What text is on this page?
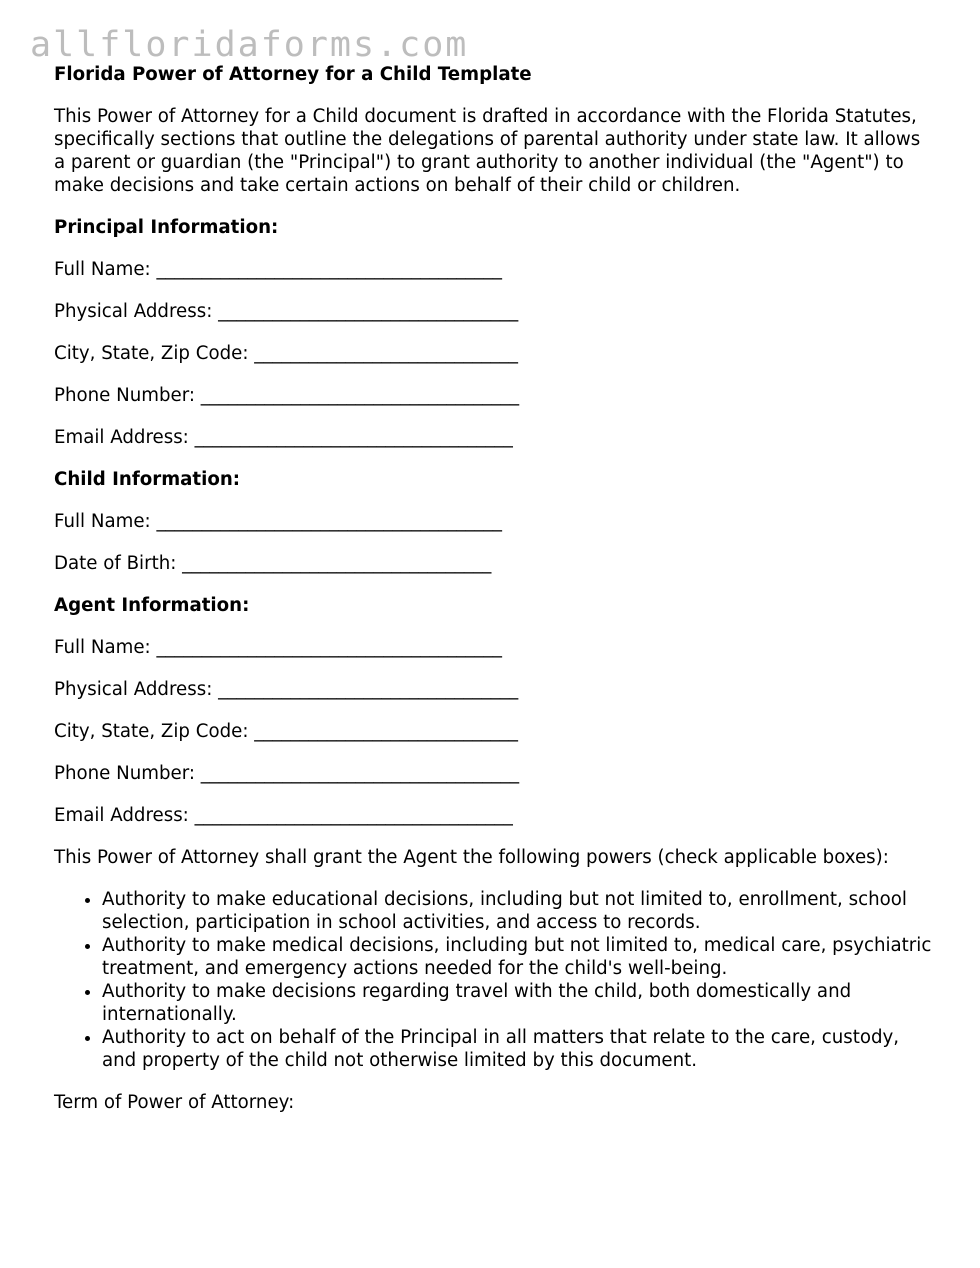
allfloridaforms.com

Florida Power of Attorney for a Child Template

This Power of Attorney for a Child document is drafted in accordance with the Florida Statutes, specifically sections that outline the delegations of parental authority under state law. It allows a parent or guardian (the "Principal") to grant authority to another individual (the "Agent") to make decisions and take certain actions on behalf of their child or children.

Principal Information:

Full Name: ______________________________________

Physical Address: _________________________________

City, State, Zip Code: _____________________________

Phone Number: ___________________________________

Email Address: ___________________________________

Child Information:

Full Name: ______________________________________

Date of Birth: __________________________________

Agent Information:

Full Name: ______________________________________

Physical Address: _________________________________

City, State, Zip Code: _____________________________

Phone Number: ___________________________________

Email Address: ___________________________________

This Power of Attorney shall grant the Agent the following powers (check applicable boxes):

• Authority to make educational decisions, including but not limited to, enrollment, school selection, participation in school activities, and access to records.
• Authority to make medical decisions, including but not limited to, medical care, psychiatric treatment, and emergency actions needed for the child's well-being.
• Authority to make decisions regarding travel with the child, both domestically and internationally.
• Authority to act on behalf of the Principal in all matters that relate to the care, custody, and property of the child not otherwise limited by this document.

Term of Power of Attorney:
